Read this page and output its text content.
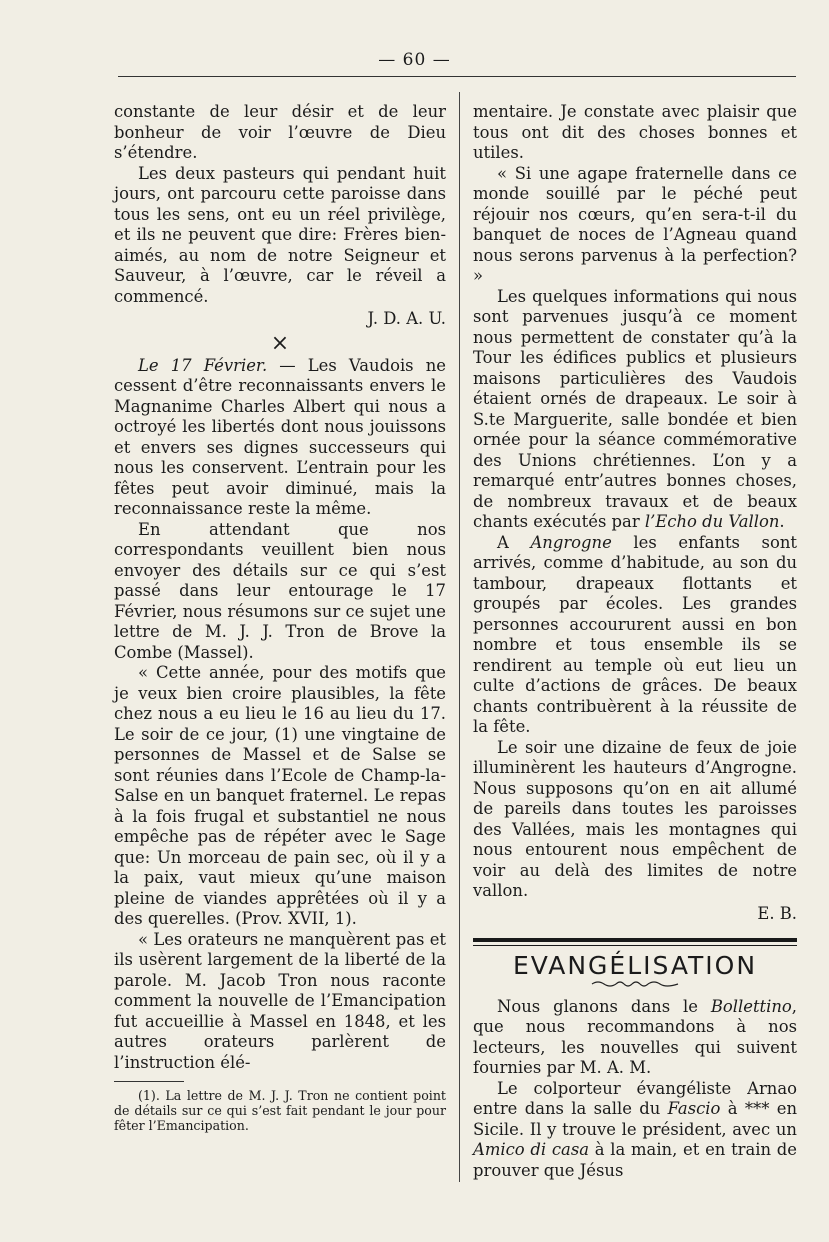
— 60 —

constante de leur désir et de leur bonheur de voir l’œuvre de Dieu s’étendre.

Les deux pasteurs qui pendant huit jours, ont parcouru cette paroisse dans tous les sens, ont eu un réel privilège, et ils ne peuvent que dire: Frères bien-aimés, au nom de notre Seigneur et Sauveur, à l’œuvre, car le réveil a commencé.

J. D. A. U.

×

Le 17 Février. — Les Vaudois ne cessent d’être reconnaissants envers le Magnanime Charles Albert qui nous a octroyé les libertés dont nous jouissons et envers ses dignes successeurs qui nous les conservent. L’entrain pour les fêtes peut avoir diminué, mais la reconnaissance reste la même.

En attendant que nos correspondants veuillent bien nous envoyer des détails sur ce qui s’est passé dans leur entourage le 17 Février, nous résumons sur ce sujet une lettre de M. J. J. Tron de Brove la Combe (Massel).

« Cette année, pour des motifs que je veux bien croire plausibles, la fête chez nous a eu lieu le 16 au lieu du 17. Le soir de ce jour, (1) une vingtaine de personnes de Massel et de Salse se sont réunies dans l’Ecole de Champ-la-Salse en un banquet fraternel. Le repas à la fois frugal et substantiel ne nous empêche pas de répéter avec le Sage que: Un morceau de pain sec, où il y a la paix, vaut mieux qu’une maison pleine de viandes apprêtées où il y a des querelles. (Prov. XVII, 1).

« Les orateurs ne manquèrent pas et ils usèrent largement de la liberté de la parole. M. Jacob Tron nous raconte comment la nouvelle de l’Emancipation fut accueillie à Massel en 1848, et les autres orateurs parlèrent de l’instruction élé-

(1). La lettre de M. J. J. Tron ne contient point de détails sur ce qui s’est fait pendant le jour pour fêter l’Emancipation.

mentaire. Je constate avec plaisir que tous ont dit des choses bonnes et utiles.

« Si une agape fraternelle dans ce monde souillé par le péché peut réjouir nos cœurs, qu’en sera-t-il du banquet de noces de l’Agneau quand nous serons parvenus à la perfection? »

Les quelques informations qui nous sont parvenues jusqu’à ce moment nous permettent de constater qu’à la Tour les édifices publics et plusieurs maisons particulières des Vaudois étaient ornés de drapeaux. Le soir à S.te Marguerite, salle bondée et bien ornée pour la séance commémorative des Unions chrétiennes. L’on y a remarqué entr’autres bonnes choses, de nombreux travaux et de beaux chants exécutés par l’Echo du Vallon.

A Angrogne les enfants sont arrivés, comme d’habitude, au son du tambour, drapeaux flottants et groupés par écoles. Les grandes personnes accoururent aussi en bon nombre et tous ensemble ils se rendirent au temple où eut lieu un culte d’actions de grâces. De beaux chants contribuèrent à la réussite de la fête.

Le soir une dizaine de feux de joie illuminèrent les hauteurs d’Angrogne. Nous supposons qu’on en ait allumé de pareils dans toutes les paroisses des Vallées, mais les montagnes qui nous entourent nous empêchent de voir au delà des limites de notre vallon.

E. B.

EVANGÉLISATION

Nous glanons dans le Bollettino, que nous recommandons à nos lecteurs, les nouvelles qui suivent fournies par M. A. M.

Le colporteur évangéliste Arnao entre dans la salle du Fascio à *** en Sicile. Il y trouve le président, avec un Amico di casa à la main, et en train de prouver que Jésus
